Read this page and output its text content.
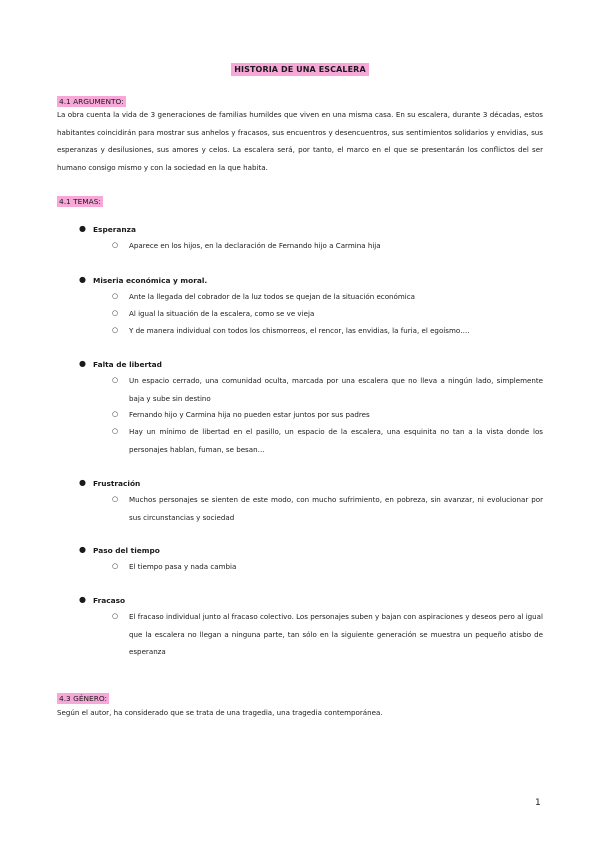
HISTORIA DE UNA ESCALERA
4.1 ARGUMENTO:
La obra cuenta la vida de 3 generaciones de familias humildes que viven en una misma casa. En su escalera, durante 3 décadas, estos habitantes coincidirán para mostrar sus anhelos y fracasos, sus encuentros y desencuentros, sus sentimientos solidarios y envidias, sus esperanzas y desilusiones, sus amores y celos. La escalera será, por tanto, el marco en el que se presentarán los conflictos del ser humano consigo mismo y con la sociedad en la que habita.
4.1 TEMAS:
● Esperanza
○ Aparece en los hijos, en la declaración de Fernando hijo a Carmina hija
● Miseria económica y moral.
○ Ante la llegada del cobrador de la luz todos se quejan de la situación económica
○ Al igual la situación de la escalera, como se ve vieja
○ Y de manera individual con todos los chismorreos, el rencor, las envidias, la furia, el egoísmo….
● Falta de libertad
○ Un espacio cerrado, una comunidad oculta, marcada por una escalera que no lleva a ningún lado, simplemente baja y sube sin destino
○ Fernando hijo y Carmina hija no pueden estar juntos por sus padres
○ Hay un mínimo de libertad en el pasillo, un espacio de la escalera, una esquinita no tan a la vista donde los personajes hablan, fuman, se besan…
● Frustración
○ Muchos personajes se sienten de este modo, con mucho sufrimiento, en pobreza, sin avanzar, ni evolucionar por sus circunstancias y sociedad
● Paso del tiempo
○ El tiempo pasa y nada cambia
● Fracaso
○ El fracaso individual junto al fracaso colectivo. Los personajes suben y bajan con aspiraciones y deseos pero al igual que la escalera no llegan a ninguna parte, tan sólo en la siguiente generación se muestra un pequeño atisbo de esperanza
4.3 GÉNERO:
Según el autor, ha considerado que se trata de una tragedia, una tragedia contemporánea.
1
